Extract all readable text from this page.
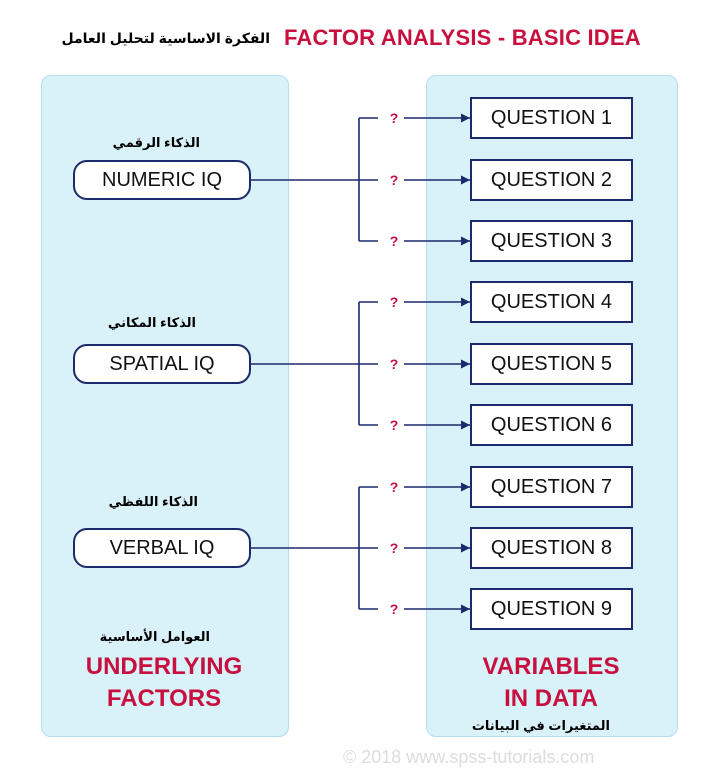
الفكرة الاساسية لتحليل العامل FACTOR ANALYSIS - BASIC IDEA
الذكاء الرقمي
الذكاء المكاني
الذكاء اللفظي
NUMERIC IQ
SPATIAL IQ
VERBAL IQ
QUESTION 1
QUESTION 2
QUESTION 3
QUESTION 4
QUESTION 5
QUESTION 6
QUESTION 7
QUESTION 8
QUESTION 9
?
?
?
?
?
?
?
?
?
العوامل الأساسية
UNDERLYING
FACTORS
VARIABLES
IN DATA
المتغيرات في البيانات
© 2018 www.spss-tutorials.com
